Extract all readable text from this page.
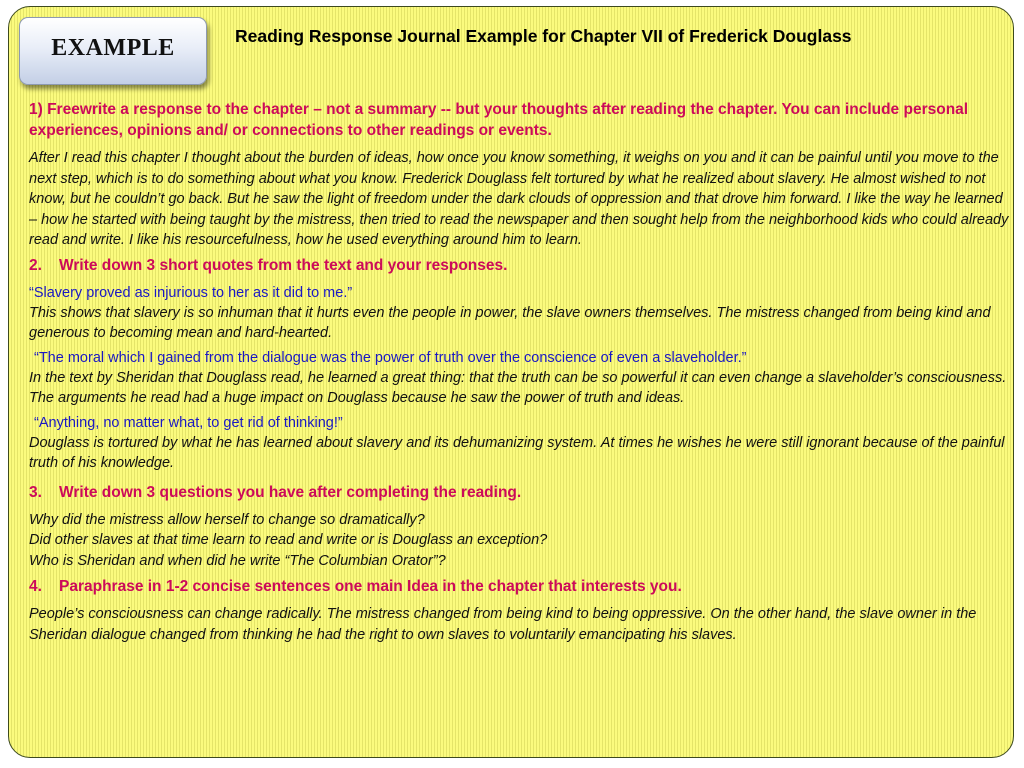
EXAMPLE	Reading Response Journal Example for Chapter VII of Frederick Douglass

1) Freewrite a response to the chapter – not a summary -- but your thoughts after reading the chapter. You can include personal experiences, opinions and/ or connections to other readings or events.

After I read this chapter I thought about the burden of ideas, how once you know something, it weighs on you and it can be painful until you move to the next step, which is to do something about what you know. Frederick Douglass felt tortured by what he realized about slavery. He almost wished to not know, but he couldn’t go back. But he saw the light of freedom under the dark clouds of oppression and that drove him forward. I like the way he learned – how he started with being taught by the mistress, then tried to read the newspaper and then sought help from the neighborhood kids who could already read and write. I like his resourcefulness, how he used everything around him to learn.

2.	Write down 3 short quotes from the text and your responses.

“Slavery proved as injurious to her as it did to me.”

This shows that slavery is so inhuman that it hurts even the people in power, the slave owners themselves. The mistress changed from being kind and generous to becoming mean and hard-hearted.

“The moral which I gained from the dialogue was the power of truth over the conscience of even a slaveholder.”

In the text by Sheridan that Douglass read, he learned a great thing: that the truth can be so powerful it can even change a slaveholder’s consciousness. The arguments he read had a huge impact on Douglass because he saw the power of truth and ideas.

“Anything, no matter what, to get rid of thinking!”

Douglass is tortured by what he has learned about slavery and its dehumanizing system. At times he wishes he were still ignorant because of the painful truth of his knowledge.

3.	Write down 3 questions you have after completing the reading.

Why did the mistress allow herself to change so dramatically?

Did other slaves at that time learn to read and write or is Douglass an exception?

Who is Sheridan and when did he write “The Columbian Orator”?

4.	Paraphrase in 1-2 concise sentences one main Idea in the chapter that interests you.

People’s consciousness can change radically. The mistress changed from being kind to being oppressive. On the other hand, the slave owner in the Sheridan dialogue changed from thinking he had the right to own slaves to voluntarily emancipating his slaves.
